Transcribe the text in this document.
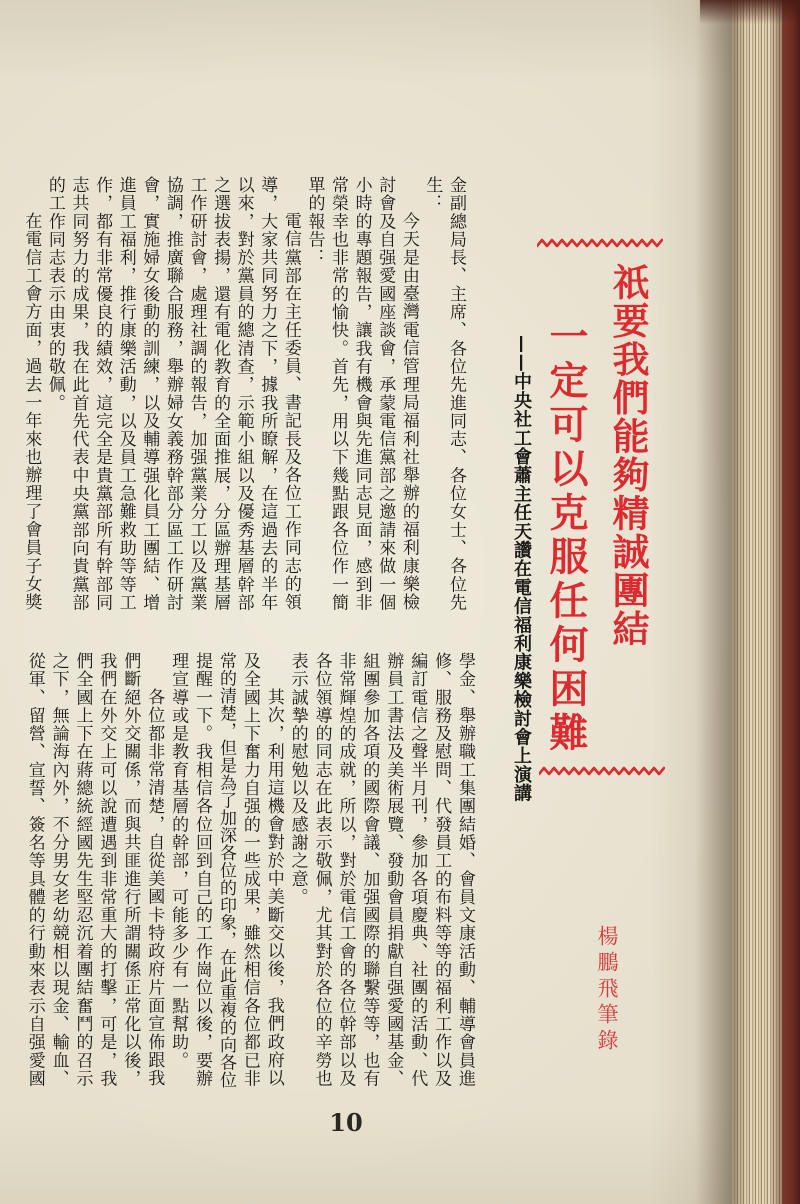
祇要我們能夠精誠團結
一定可以克服任何困難
——中央社工會蕭主任天讚在電信福利康樂檢討會上演講
楊鵬飛筆錄
金副總局長、主席、各位先進同志、各位女士、各位先
生：
今天是由臺灣電信管理局福利社舉辦的福利康樂檢
討會及自强愛國座談會，承蒙電信黨部之邀請來做一個
小時的專題報告，讓我有機會與先進同志見面，感到非
常榮幸也非常的愉快。首先，用以下幾點跟各位作一簡
單的報告：
電信黨部在主任委員、書記長及各位工作同志的領
導，大家共同努力之下，據我所瞭解，在這過去的半年
以來，對於黨員的總清查，示範小組以及優秀基層幹部
之選拔表揚，還有電化教育的全面推展，分區辦理基層
工作研討會，處理社調的報告，加强黨業分工以及黨業
協調，推廣聯合服務，舉辦婦女義務幹部分區工作研討
會，實施婦女後動的訓練，以及輔導强化員工團結、增
進員工福利，推行康樂活動，以及員工急難救助等等工
作，都有非常優良的績效，這完全是貴黨部所有幹部同
志共同努力的成果，我在此首先代表中央黨部向貴黨部
的工作同志表示由衷的敬佩。
在電信工會方面，過去一年來也辦理了會員子女獎
學金、舉辦職工集團結婚、會員文康活動、輔導會員進
修、服務及慰問、代發員工的布料等等的福利工作以及
編訂電信之聲半月刊，參加各項慶典、社團的活動、代
辦員工書法及美術展覽、發動會員捐獻自强愛國基金、
組團參加各項的國際會議、加强國際的聯繫等等，也有
非常輝煌的成就，所以，對於電信工會的各位幹部以及
各位領導的同志在此表示敬佩，尤其對於各位的辛勞也
表示誠摯的慰勉以及感謝之意。
其次，利用這機會對於中美斷交以後，我們政府以
及全國上下奮力自强的一些成果，雖然相信各位都已非
常的清楚，但是為了加深各位的印象，在此重複的向各位
提醒一下。我相信各位回到自己的工作崗位以後，要辦
理宣導或是教育基層的幹部，可能多少有一點幫助。
各位都非常清楚，自從美國卡特政府片面宣佈跟我
們斷絕外交關係，而與共匪進行所謂關係正常化以後，
我們在外交上可以說遭遇到非常重大的打擊，可是，我
們全國上下在蔣總統經國先生堅忍沉着團結奮鬥的召示
之下，無論海內外，不分男女老幼競相以現金、輸血、
從軍、留營、宣誓、簽名等具體的行動來表示自强愛國
10
